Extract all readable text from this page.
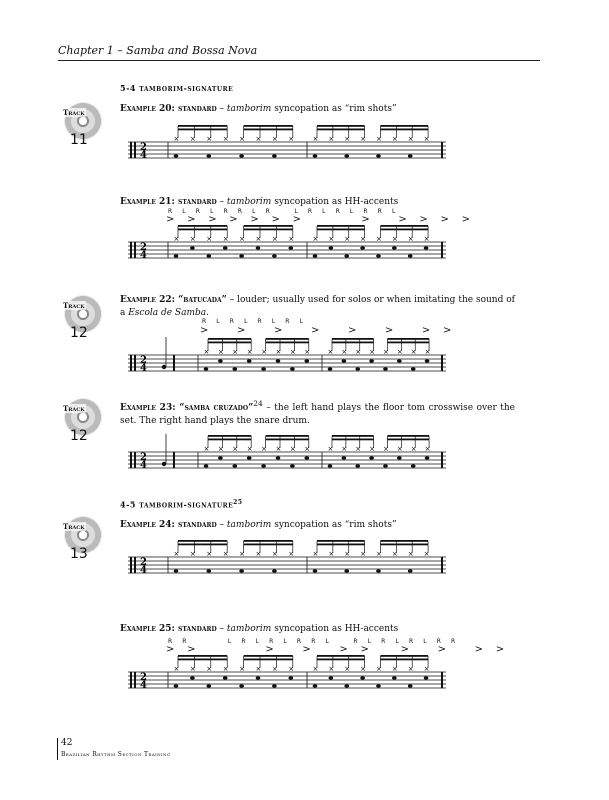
Chapter 1 – Samba and Bossa Nova
5-4 tamborim-signature
Track
11
Track
12
Track
12
Track
13
Example 20: standard – tamborim syncopation as “rim shots”
2
4
× × × × × × × ×	× × × × × × × ×
Example 21: standard – tamborim syncopation as HH-accents
R    L    R    L    R    R    L    R          L    R    L    R    L    R    R    L
>    >    >    >    >    >    >                   >         >    >    >    >
2
4
× × × × × × × ×	× × × × × × × ×
Example 22: “batucada” – louder; usually used for solos or when imitating the sound of a Escola de Samba.
R    L    R    L    R    L    R    L
>         >         >         >         >         >         >    >
2
4
× × × × × × × × × × × × × × × ×
Example 23: “samba cruzado”$^{24}$ – the left hand plays the floor tom crosswise over the set. The right hand plays the snare drum.
2
4
× × × × × × × × × × × × × × × ×
4-5 tamborim-signature$^{25}$
Example 24: standard – tamborim syncopation as “rim shots”
2
4
× × × × × × × ×	× × × × × × × ×
Example 25: standard – tamborim syncopation as HH-accents
R    R                 L    R    L    R    L    R    R    L          R    L    R    L    R    L    R    R
>    >                      >         >         >    >          >         >         >    >
2
4
× × × × × × × ×	× × × × × × × ×
42
Brazilian Rhythm Section Training
